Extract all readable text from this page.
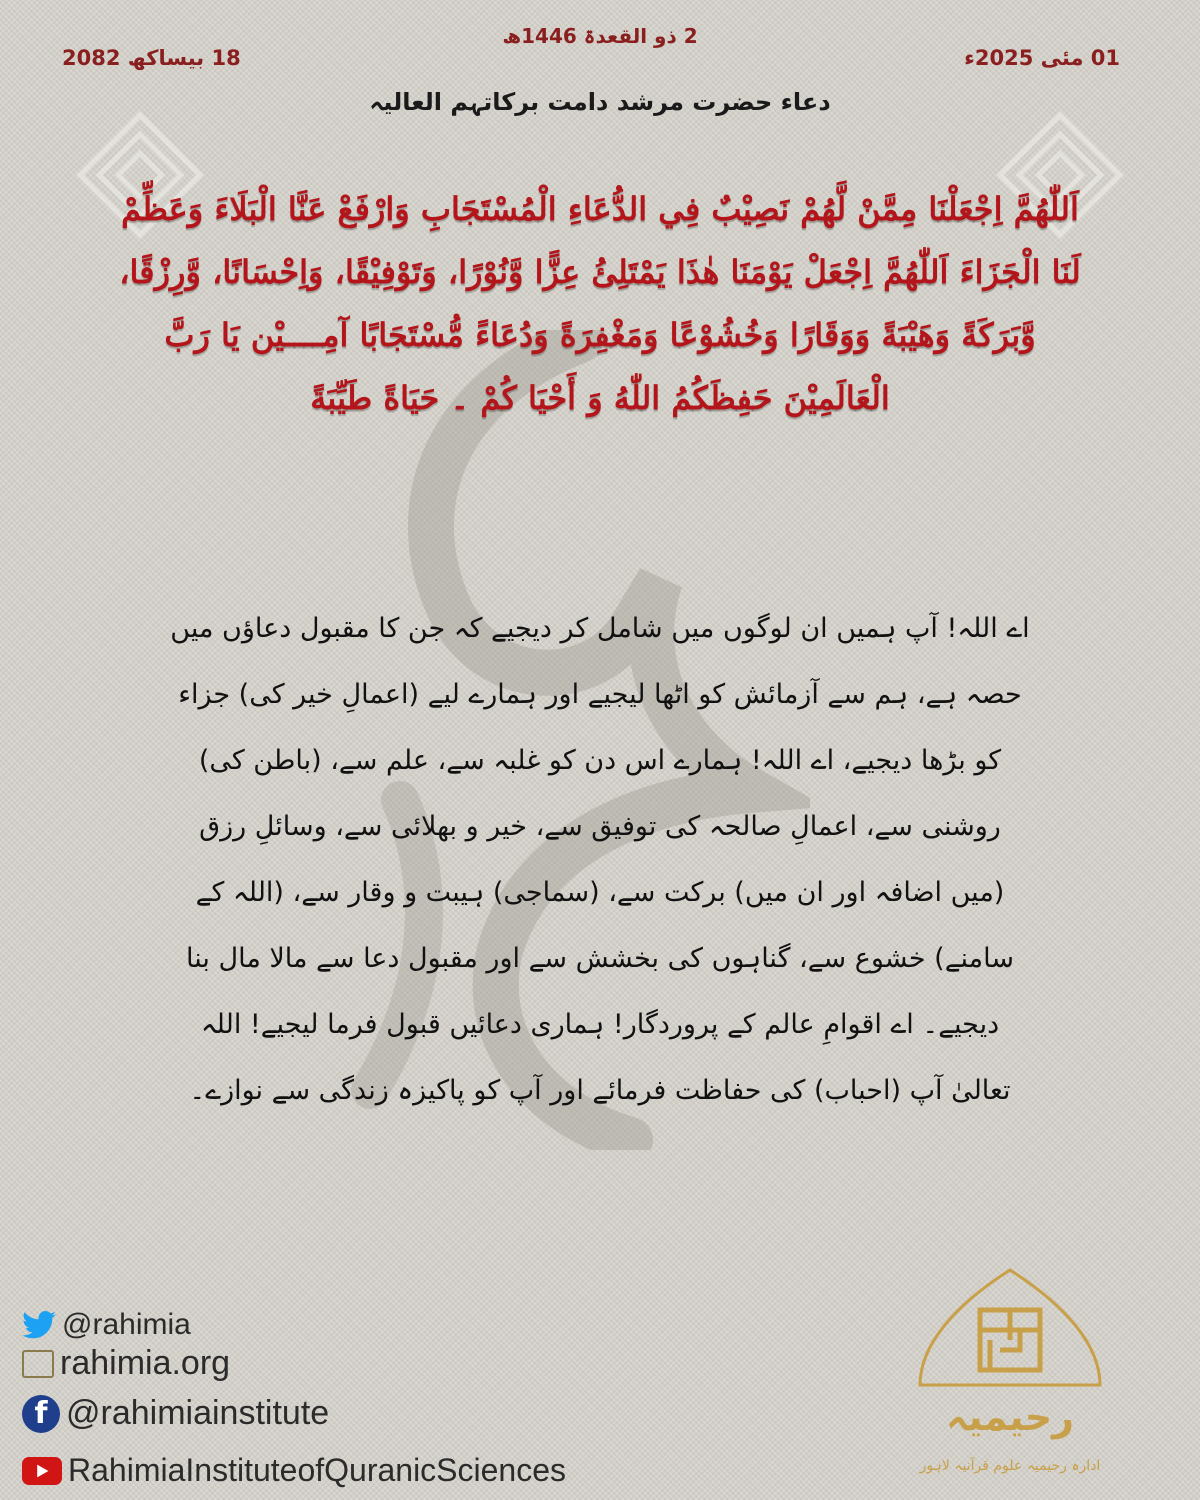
2 ذو القعدۃ 1446ھ
01 مئی 2025ء
18 بیساکھ 2082
دعاء حضرت مرشد دامت برکاتہم العالیہ
اَللّٰهُمَّ اِجْعَلْنَا مِمَّنْ لَّهُمْ نَصِيْبٌ فِي الدُّعَاءِ الْمُسْتَجَابِ وَارْفَعْ عَنَّا الْبَلَاءَ وَعَظِّمْ لَنَا الْجَزَاءَ اَللّٰهُمَّ اِجْعَلْ يَوْمَنَا هٰذَا يَمْتَلِئُ عِزًّا وَّنُوْرًا، وَتَوْفِيْقًا، وَاِحْسَانًا، وَّرِزْقًا، وَّبَرَكَةً وَهَيْبَةً وَوَقَارًا وَخُشُوْعًا وَمَغْفِرَةً وَدُعَاءً مُّسْتَجَابًا آمِــــيْن يَا رَبَّ الْعَالَمِيْنَ حَفِظَكُمُ اللّٰهُ وَ أَحْيَا كُمْ ۔ حَيَاةً طَيِّبَةً
اے اللہ! آپ ہمیں ان لوگوں میں شامل کر دیجیے کہ جن کا مقبول دعاؤں میں حصہ ہے، ہم سے آزمائش کو اٹھا لیجیے اور ہمارے لیے (اعمالِ خیر کی) جزاء کو بڑھا دیجیے، اے اللہ! ہمارے اس دن کو غلبہ سے، علم سے، (باطن کی) روشنی سے، اعمالِ صالحہ کی توفیق سے، خیر و بھلائی سے، وسائلِ رزق (میں اضافہ اور ان میں) برکت سے، (سماجی) ہیبت و وقار سے، (اللہ کے سامنے) خشوع سے، گناہوں کی بخشش سے اور مقبول دعا سے مالا مال بنا دیجیے۔ اے اقوامِ عالم کے پروردگار! ہماری دعائیں قبول فرما لیجیے! اللہ تعالیٰ آپ (احباب) کی حفاظت فرمائے اور آپ کو پاکیزہ زندگی سے نوازے۔
@rahimia
rahimia.org
f @rahimiainstitute
RahimiaInstituteofQuranicSciences
رحیمیہ
ادارہ رحیمیہ علوم قرآنیہ لاہور
